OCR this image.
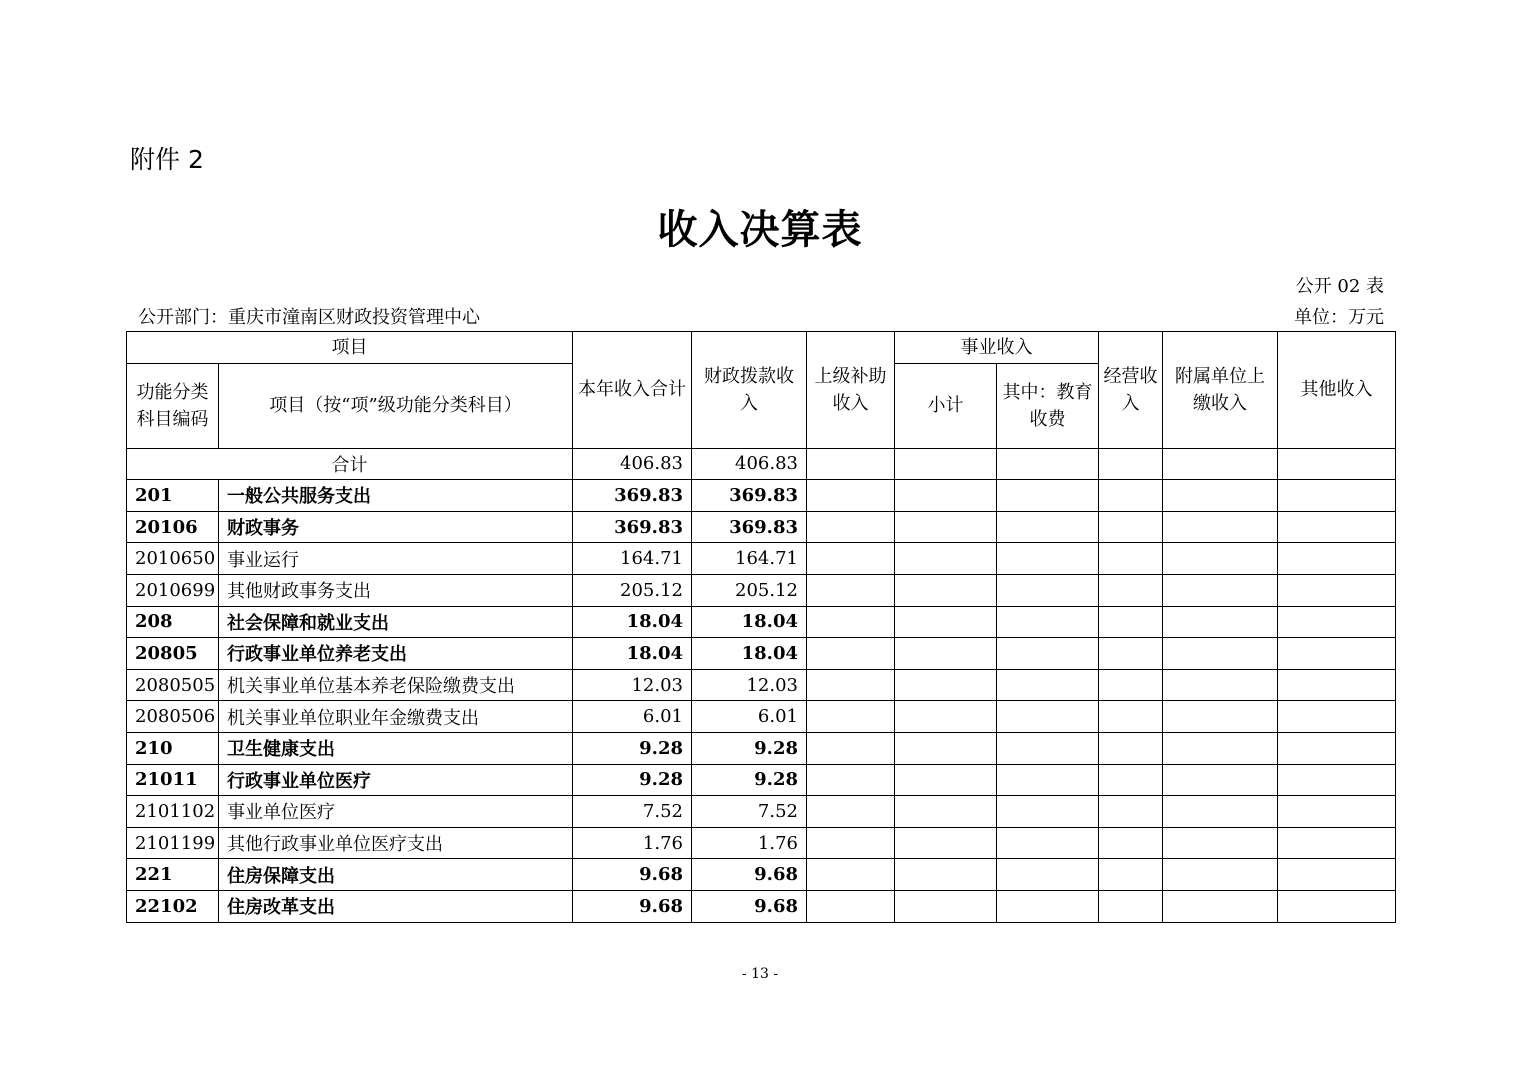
附件 2
收入决算表
公开 02 表
公开部门：重庆市潼南区财政投资管理中心	单位：万元
项目		本年收入合计	财政拨款收入	上级补助收入	事业收入		经营收入	附属单位上缴收入	其他收入
功能分类科目编码	项目（按“项”级功能分类科目）				小计	其中：教育收费			
合计		406.83	406.83						
201	一般公共服务支出	369.83	369.83						
20106	财政事务	369.83	369.83						
2010650	事业运行	164.71	164.71						
2010699	其他财政事务支出	205.12	205.12						
208	社会保障和就业支出	18.04	18.04						
20805	行政事业单位养老支出	18.04	18.04						
2080505	机关事业单位基本养老保险缴费支出	12.03	12.03						
2080506	机关事业单位职业年金缴费支出	6.01	6.01						
210	卫生健康支出	9.28	9.28						
21011	行政事业单位医疗	9.28	9.28						
2101102	事业单位医疗	7.52	7.52						
2101199	其他行政事业单位医疗支出	1.76	1.76						
221	住房保障支出	9.68	9.68						
22102	住房改革支出	9.68	9.68						
- 13 -
